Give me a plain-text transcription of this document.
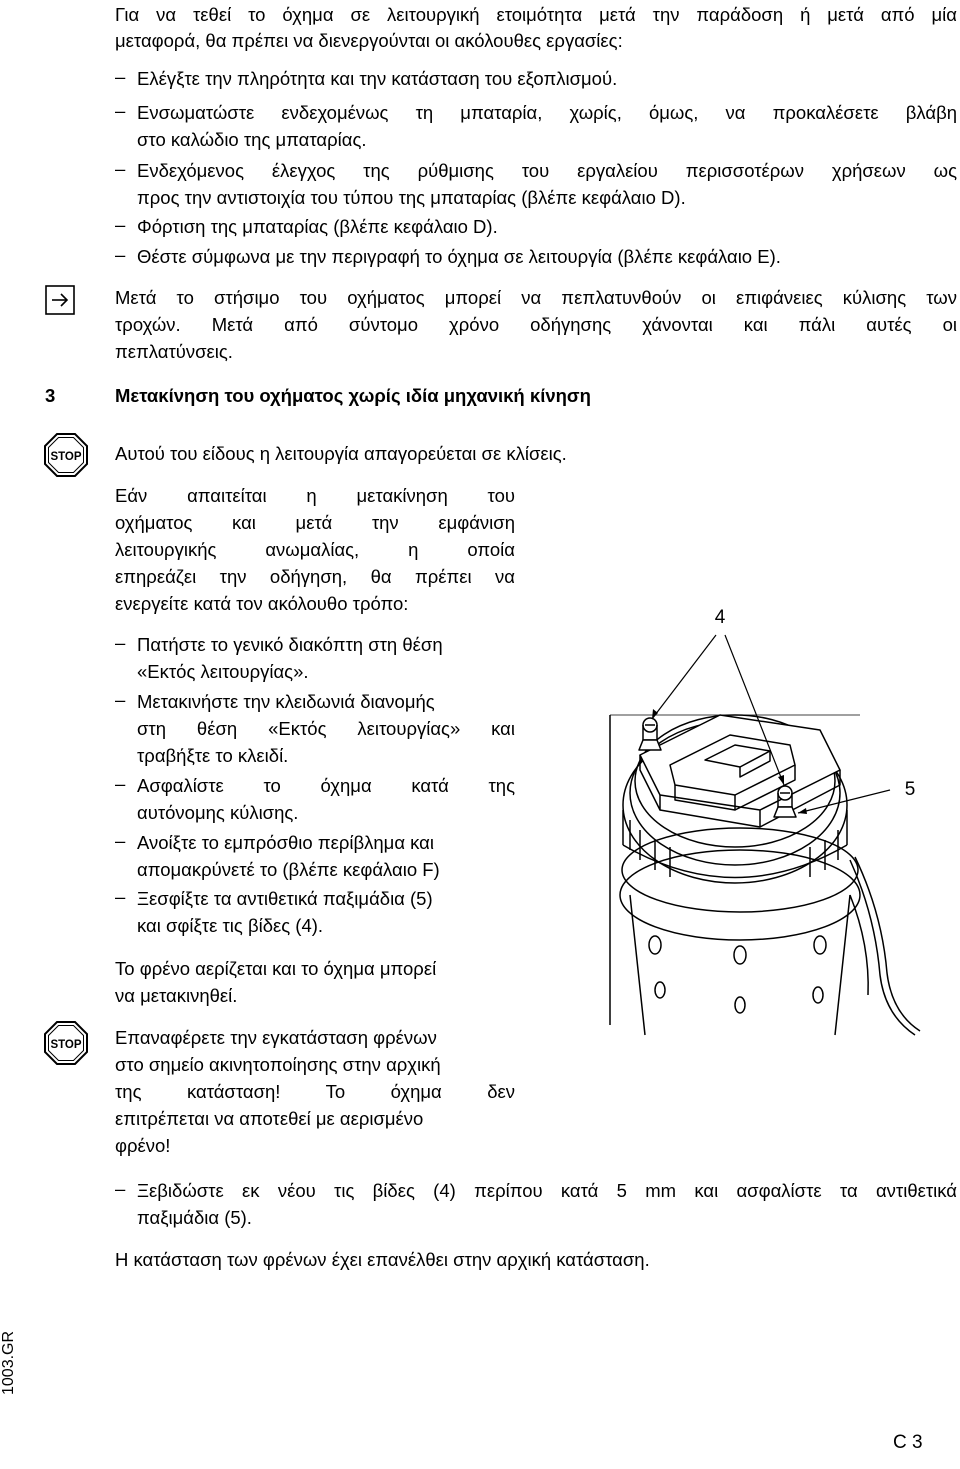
Για να τεθεί το όχημα σε λειτουργική ετοιμότητα μετά την παράδοση ή μετά από μία
μεταφορά, θα πρέπει να διενεργούνται οι ακόλουθες εργασίες:
– Ελέγξτε την πληρότητα και την κατάσταση του εξοπλισμού.
– Ενσωματώστε ενδεχομένως τη μπαταρία, χωρίς, όμως, να προκαλέσετε βλάβη
στο καλώδιο της μπαταρίας.
– Ενδεχόμενος έλεγχος της ρύθμισης του εργαλείου περισσοτέρων χρήσεων ως
προς την αντιστοιχία του τύπου της μπαταρίας (βλέπε κεφάλαιο D).
– Φόρτιση της μπαταρίας (βλέπε κεφάλαιο D).
– Θέστε σύμφωνα με την περιγραφή το όχημα σε λειτουργία (βλέπε κεφάλαιο E).
Μετά το στήσιμο του οχήματος μπορεί να πεπλατυνθούν οι επιφάνειες κύλισης των
τροχών. Μετά από σύντομο χρόνο οδήγησης χάνονται και πάλι αυτές οι
πεπλατύνσεις.
3	Μετακίνηση του οχήματος χωρίς ιδία μηχανική κίνηση
STOP Αυτού του είδους η λειτουργία απαγορεύεται σε κλίσεις.
Εάν απαιτείται η μετακίνηση του
οχήματος και μετά την εμφάνιση
λειτουργικής ανωμαλίας, η οποία
επηρεάζει την οδήγηση, θα πρέπει να
ενεργείτε κατά τον ακόλουθο τρόπο:
– Πατήστε το γενικό διακόπτη στη θέση
«Εκτός λειτουργίας».
– Μετακινήστε την κλειδωνιά διανομής
στη θέση «Εκτός λειτουργίας» και
τραβήξτε το κλειδί.
– Ασφαλίστε το όχημα κατά της
αυτόνομης κύλισης.
– Ανοίξτε το εμπρόσθιο περίβλημα και
απομακρύνετέ το (βλέπε κεφάλαιο F)
– Ξεσφίξτε τα αντιθετικά παξιμάδια (5)
και σφίξτε τις βίδες (4).
Το φρένο αερίζεται και το όχημα μπορεί
να μετακινηθεί.
STOP Επαναφέρετε την εγκατάσταση φρένων
στο σημείο ακινητοποίησης στην αρχική
της κατάσταση! Το όχημα δεν
επιτρέπεται να αποτεθεί με αερισμένο
φρένο!
– Ξεβιδώστε εκ νέου τις βίδες (4) περίπου κατά 5 mm και ασφαλίστε τα αντιθετικά
παξιμάδια (5).
Η κατάσταση των φρένων έχει επανέλθει στην αρχική κατάσταση.
4
5
1003.GR
C 3
